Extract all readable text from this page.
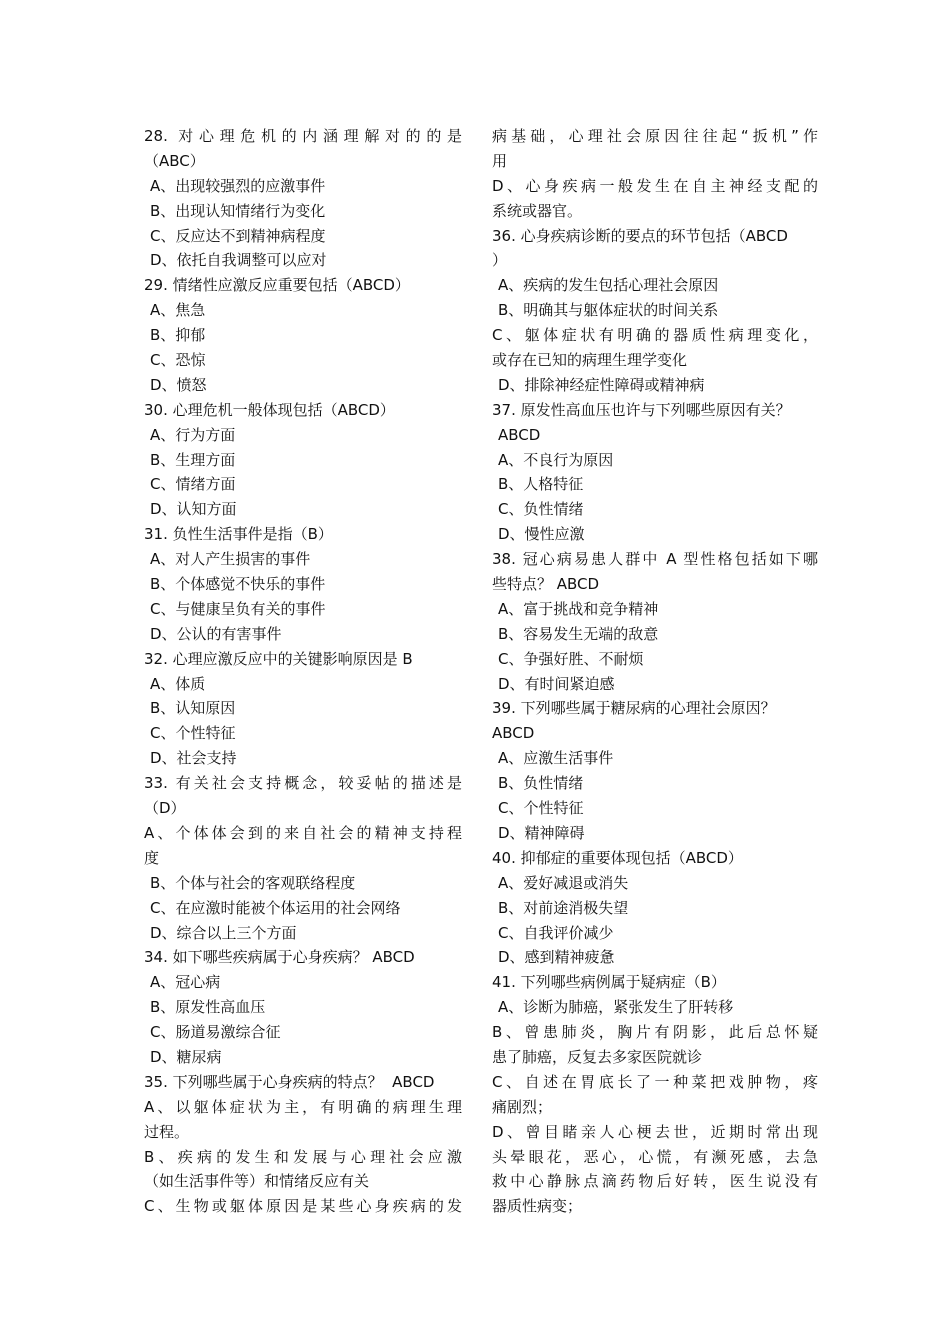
28. 对心理危机的内涵理解对的的是
（ABC）
A、出现较强烈的应激事件
B、出现认知情绪行为变化
C、反应达不到精神病程度
D、依托自我调整可以应对
29. 情绪性应激反应重要包括（ABCD）
A、焦急
B、抑郁
C、恐惊
D、愤怒
30. 心理危机一般体现包括（ABCD）
A、行为方面
B、生理方面
C、情绪方面
D、认知方面
31. 负性生活事件是指（B）
A、对人产生损害的事件
B、个体感觉不快乐的事件
C、与健康呈负有关的事件
D、公认的有害事件
32. 心理应激反应中的关键影响原因是 B
A、体质
B、认知原因
C、个性特征
D、社会支持
33. 有关社会支持概念，较妥帖的描述是
（D）
A、个体体会到的来自社会的精神支持程
度
B、个体与社会的客观联络程度
C、在应激时能被个体运用的社会网络
D、综合以上三个方面
34. 如下哪些疾病属于心身疾病？ ABCD
A、冠心病
B、原发性高血压
C、肠道易激综合征
D、糖尿病
35. 下列哪些属于心身疾病的特点？  ABCD
A、以躯体症状为主，有明确的病理生理
过程。
B、疾病的发生和发展与心理社会应激
（如生活事件等）和情绪反应有关
C、生物或躯体原因是某些心身疾病的发
病基础，心理社会原因往往起“扳机”作
用
D、心身疾病一般发生在自主神经支配的
系统或器官。
36. 心身疾病诊断的要点的环节包括（ABCD
）
A、疾病的发生包括心理社会原因
B、明确其与躯体症状的时间关系
C、躯体症状有明确的器质性病理变化，
或存在已知的病理生理学变化
D、排除神经症性障碍或精神病
37. 原发性高血压也许与下列哪些原因有关？
ABCD
A、不良行为原因
B、人格特征
C、负性情绪
D、慢性应激
38. 冠心病易患人群中 A 型性格包括如下哪
些特点？ ABCD
A、富于挑战和竞争精神
B、容易发生无端的敌意
C、争强好胜、不耐烦
D、有时间紧迫感
39. 下列哪些属于糖尿病的心理社会原因？
ABCD
A、应激生活事件
B、负性情绪
C、个性特征
D、精神障碍
40. 抑郁症的重要体现包括（ABCD）
A、爱好减退或消失
B、对前途消极失望
C、自我评价减少
D、感到精神疲惫
41. 下列哪些病例属于疑病症（B）
A、诊断为肺癌，紧张发生了肝转移
B、曾患肺炎，胸片有阴影，此后总怀疑
患了肺癌，反复去多家医院就诊
C、自述在胃底长了一种菜把戏肿物，疼
痛剧烈；
D、曾目睹亲人心梗去世，近期时常出现
头晕眼花，恶心，心慌，有濒死感，去急
救中心静脉点滴药物后好转，医生说没有
器质性病变；
